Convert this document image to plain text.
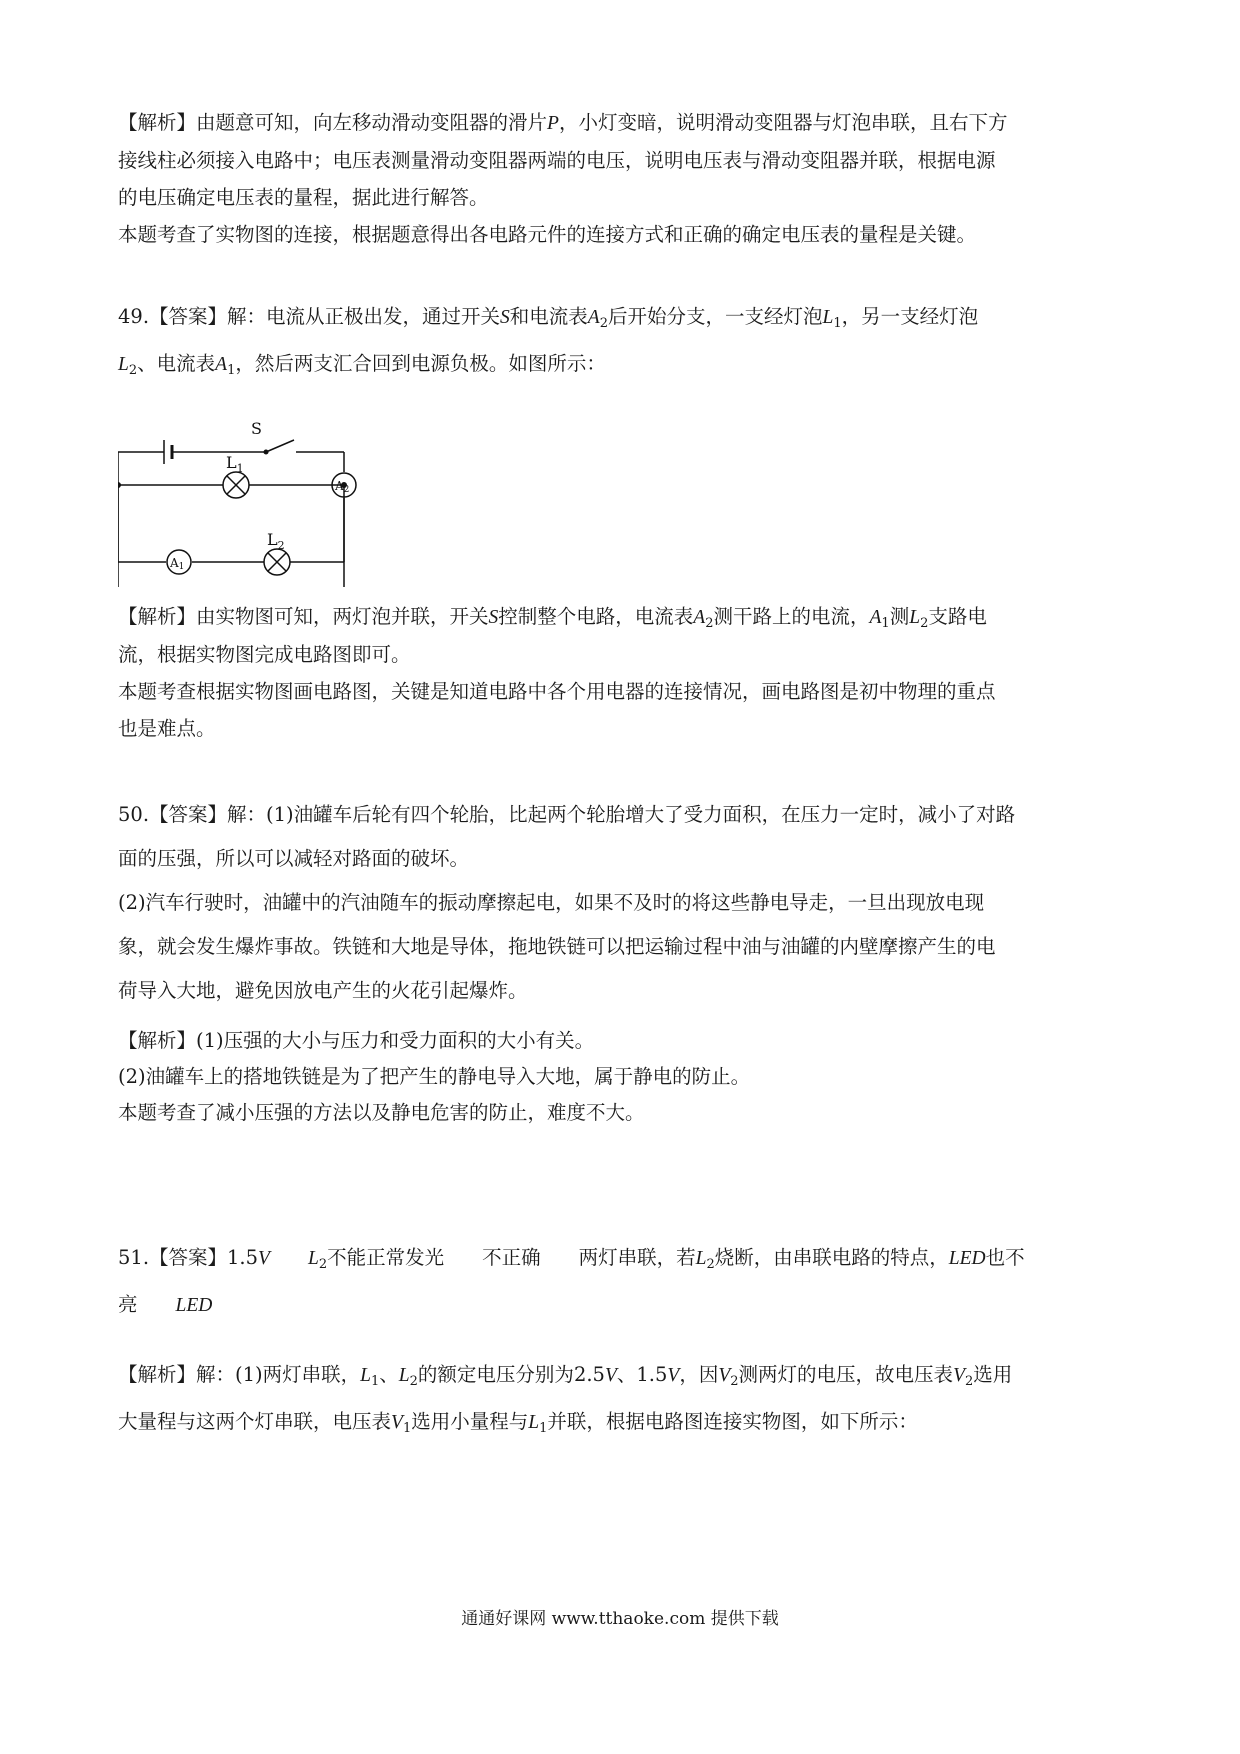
【解析】由题意可知，向左移动滑动变阻器的滑片P，小灯变暗，说明滑动变阻器与灯泡串联，且右下方
接线柱必须接入电路中；电压表测量滑动变阻器两端的电压，说明电压表与滑动变阻器并联，根据电源
的电压确定电压表的量程，据此进行解答。
本题考查了实物图的连接，根据题意得出各电路元件的连接方式和正确的确定电压表的量程是关键。
49.【答案】解：电流从正极出发，通过开关S和电流表$A_2$后开始分支，一支经灯泡$L_1$，另一支经灯泡
$L_2$、电流表$A_1$，然后两支汇合回到电源负极。如图所示：
S
$L_1$
$L_2$
A2
A1
【解析】由实物图可知，两灯泡并联，开关S控制整个电路，电流表$A_2$测干路上的电流，$A_1$测$L_2$支路电
流，根据实物图完成电路图即可。
本题考查根据实物图画电路图，关键是知道电路中各个用电器的连接情况，画电路图是初中物理的重点
也是难点。
50.【答案】解：(1)油罐车后轮有四个轮胎，比起两个轮胎增大了受力面积，在压力一定时，减小了对路
面的压强，所以可以减轻对路面的破坏。
(2)汽车行驶时，油罐中的汽油随车的振动摩擦起电，如果不及时的将这些静电导走，一旦出现放电现
象，就会发生爆炸事故。铁链和大地是导体，拖地铁链可以把运输过程中油与油罐的内壁摩擦产生的电
荷导入大地，避免因放电产生的火花引起爆炸。
【解析】(1)压强的大小与压力和受力面积的大小有关。
(2)油罐车上的搭地铁链是为了把产生的静电导入大地，属于静电的防止。
本题考查了减小压强的方法以及静电危害的防止，难度不大。
51.【答案】1.5V $L_2$不能正常发光 不正确 两灯串联，若$L_2$烧断，由串联电路的特点，LED也不
亮 LED
【解析】解：(1)两灯串联，$L_1$、$L_2$的额定电压分别为2.5V、1.5V，因$V_2$测两灯的电压，故电压表$V_2$选用
大量程与这两个灯串联，电压表$V_1$选用小量程与$L_1$并联，根据电路图连接实物图，如下所示：
通通好课网 www.tthaoke.com 提供下载
